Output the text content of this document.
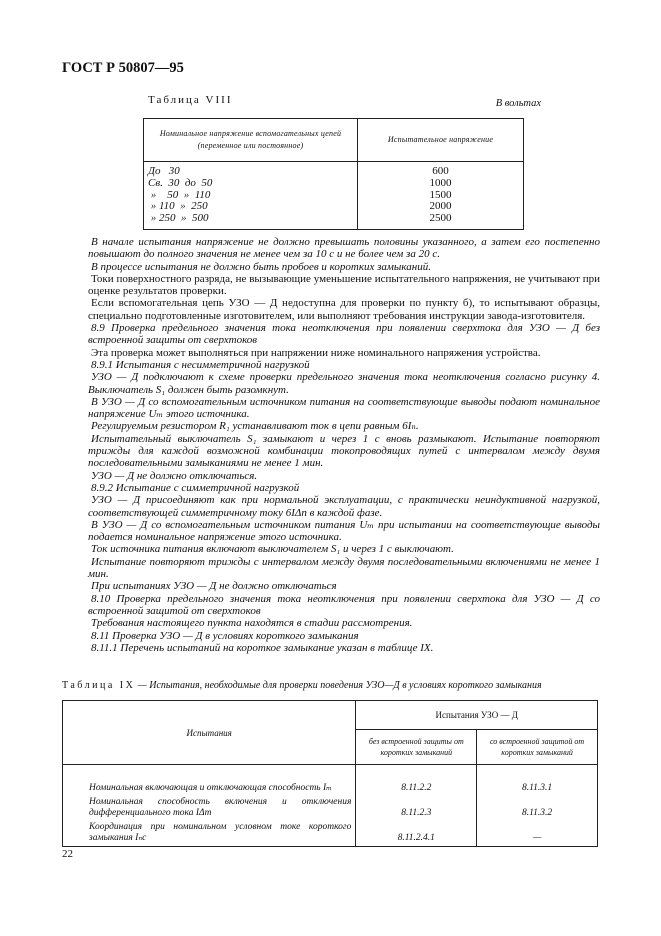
ГОСТ Р 50807—95
Таблица VIII	В вольтах
Номинальное напряжение вспомогательных цепей (переменное или постоянное)	Испытательное напряжение
До   30	600
Св.  30  до  50	1000
»    50  »  110	1500
» 110  »  250	2000
» 250  »  500	2500

В начале испытания напряжение не должно превышать половины указанного, а затем его постепенно повышают до полного значения не менее чем за 10 с и не более чем за 20 с.

В процессе испытания не должно быть пробоев и коротких замыканий.

Токи поверхностного разряда, не вызывающие уменьшение испытательного напряжения, не учитывают при оценке результатов проверки.

Если вспомогательная цепь УЗО — Д недоступна для проверки по пункту б), то испытывают образцы, специально подготовленные изготовителем, или выполняют требования инструкции завода-изготовителя.

8.9 Проверка предельного значения тока неотключения при появлении сверхтока для УЗО — Д без встроенной защиты от сверхтоков

Эта проверка может выполняться при напряжении ниже номинального напряжения устройства.

8.9.1 Испытания с несимметричной нагрузкой

УЗО — Д подключают к схеме проверки предельного значения тока неотключения согласно рисунку 4. Выключатель S₁ должен быть разомкнут.

В УЗО — Д со вспомогательным источником питания на соответствующие выводы подают номинальное напряжение Uₘ этого источника.

Регулируемым резистором R₁ устанавливают ток в цепи равным 6Iₙ.

Испытательный выключатель S₁ замыкают и через 1 с вновь размыкают. Испытание повторяют трижды для каждой возможной комбинации токопроводящих путей с интервалом между двумя последовательными замыканиями не менее 1 мин.

УЗО — Д не должно отключаться.

8.9.2 Испытание с симметричной нагрузкой

УЗО — Д присоединяют как при нормальной эксплуатации, с практически неиндуктивной нагрузкой, соответствующей симметричному току 6IΔn в каждой фазе.

В УЗО — Д со вспомогательным источником питания Uₘ при испытании на соответствующие выводы подается номинальное напряжение этого источника.

Ток источника питания включают выключателем S₁ и через 1 с выключают.

Испытание повторяют трижды с интервалом между двумя последовательными включениями не менее 1 мин.

При испытаниях УЗО — Д не должно отключаться

8.10 Проверка предельного значения тока неотключения при появлении сверхтока для УЗО — Д со встроенной защитой от сверхтоков

Требования настоящего пункта находятся в стадии рассмотрения.

8.11 Проверка УЗО — Д в условиях короткого замыкания

8.11.1 Перечень испытаний на короткое замыкание указан в таблице IX.

Таблица IX — Испытания, необходимые для проверки поведения УЗО—Д в условиях короткого замыкания
Испытания	Испытания УЗО — Д	
	без встроенной защиты от коротких замыканий	со встроенной защитой от коротких замыканий
Номинальная включающая и отключающая способность Iₘ	8.11.2.2	8.11.3.1
Номинальная способность включения и отключения дифференциального тока IΔm	8.11.2.3	8.11.3.2
Координация при номинальном условном токе короткого замыкания Iₙc	8.11.2.4.1	—
22
